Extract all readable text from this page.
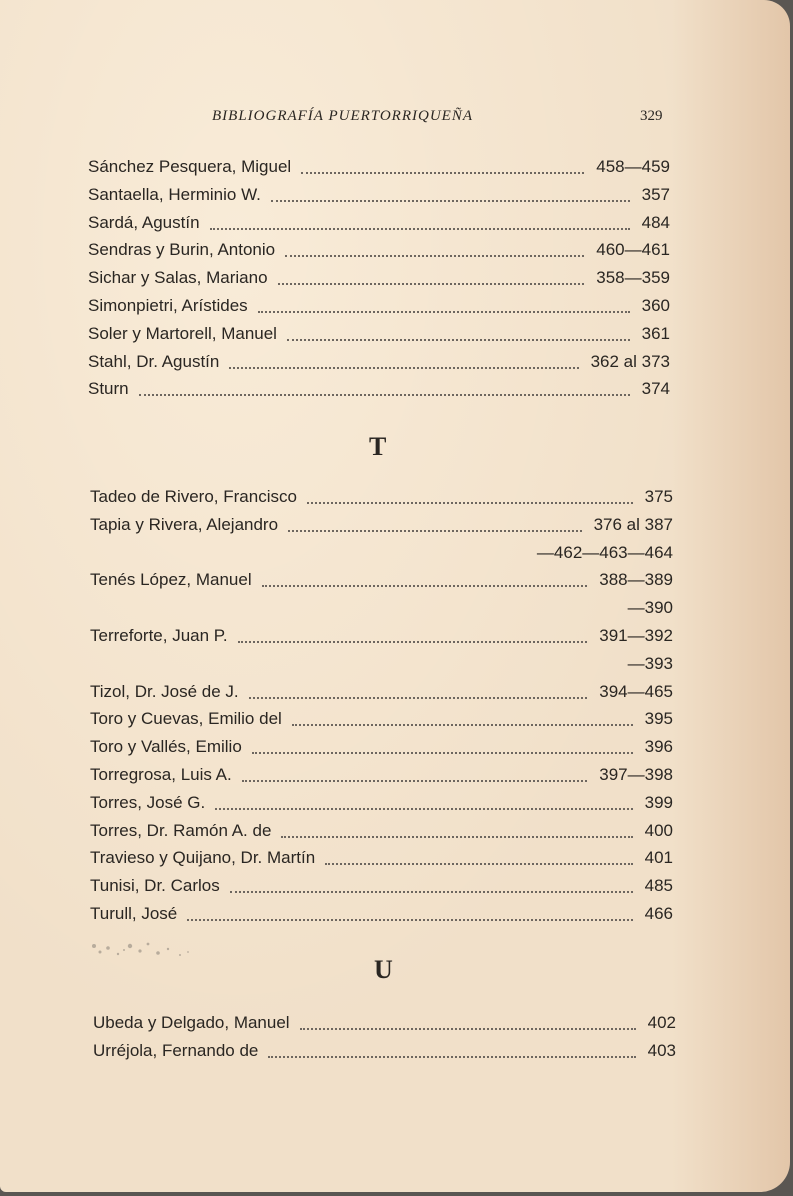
BIBLIOGRAFÍA PUERTORRIQUEÑA	329
Sánchez Pesquera, Miguel	458—459
Santaella, Herminio W.	357
Sardá, Agustín	484
Sendras y Burin, Antonio	460—461
Sichar y Salas, Mariano	358—359
Simonpietri, Arístides	360
Soler y Martorell, Manuel	361
Stahl, Dr. Agustín	362 al 373
Sturn	374
T
Tadeo de Rivero, Francisco	375
Tapia y Rivera, Alejandro	376 al 387
—462—463—464
Tenés López, Manuel	388—389
—390
Terreforte, Juan P.	391—392
—393
Tizol, Dr. José de J.	394—465
Toro y Cuevas, Emilio del	395
Toro y Vallés, Emilio	396
Torregrosa, Luis A.	397—398
Torres, José G.	399
Torres, Dr. Ramón A. de	400
Travieso y Quijano, Dr. Martín	401
Tunisi, Dr. Carlos	485
Turull, José	466
U
Ubeda y Delgado, Manuel	402
Urréjola, Fernando de	403
